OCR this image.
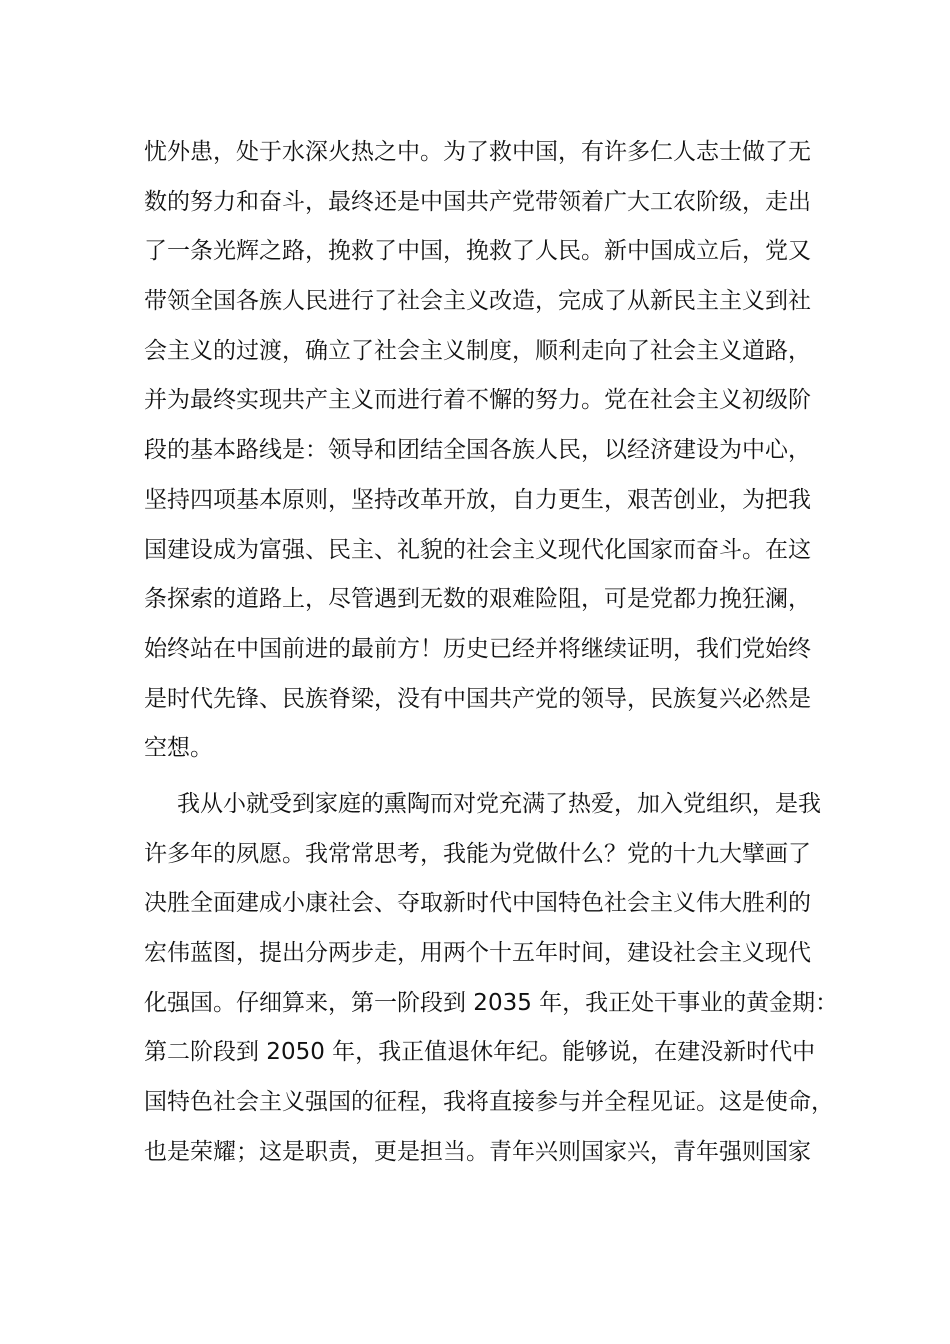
忧外患，处于水深火热之中。为了救中国，有许多仁人志士做了无
数的努力和奋斗，最终还是中国共产党带领着广大工农阶级，走出
了一条光辉之路，挽救了中国，挽救了人民。新中国成立后，党又
带领全国各族人民进行了社会主义改造，完成了从新民主主义到社
会主义的过渡，确立了社会主义制度，顺利走向了社会主义道路，
并为最终实现共产主义而进行着不懈的努力。党在社会主义初级阶
段的基本路线是：领导和团结全国各族人民，以经济建设为中心，
坚持四项基本原则，坚持改革开放，自力更生，艰苦创业，为把我
国建设成为富强、民主、礼貌的社会主义现代化国家而奋斗。在这
条探索的道路上，尽管遇到无数的艰难险阻，可是党都力挽狂澜，
始终站在中国前进的最前方！历史已经并将继续证明，我们党始终
是时代先锋、民族脊梁，没有中国共产党的领导，民族复兴必然是
空想。
我从小就受到家庭的熏陶而对党充满了热爱，加入党组织，是我
许多年的夙愿。我常常思考，我能为党做什么？党的十九大擘画了
决胜全面建成小康社会、夺取新时代中国特色社会主义伟大胜利的
宏伟蓝图，提出分两步走，用两个十五年时间，建设社会主义现代
化强国。仔细算来，第一阶段到 2035 年，我正处干事业的黄金期：
第二阶段到 2050 年，我正值退休年纪。能够说，在建没新时代中
国特色社会主义强国的征程，我将直接参与并全程见证。这是使命，
也是荣耀；这是职责，更是担当。青年兴则国家兴，青年强则国家
